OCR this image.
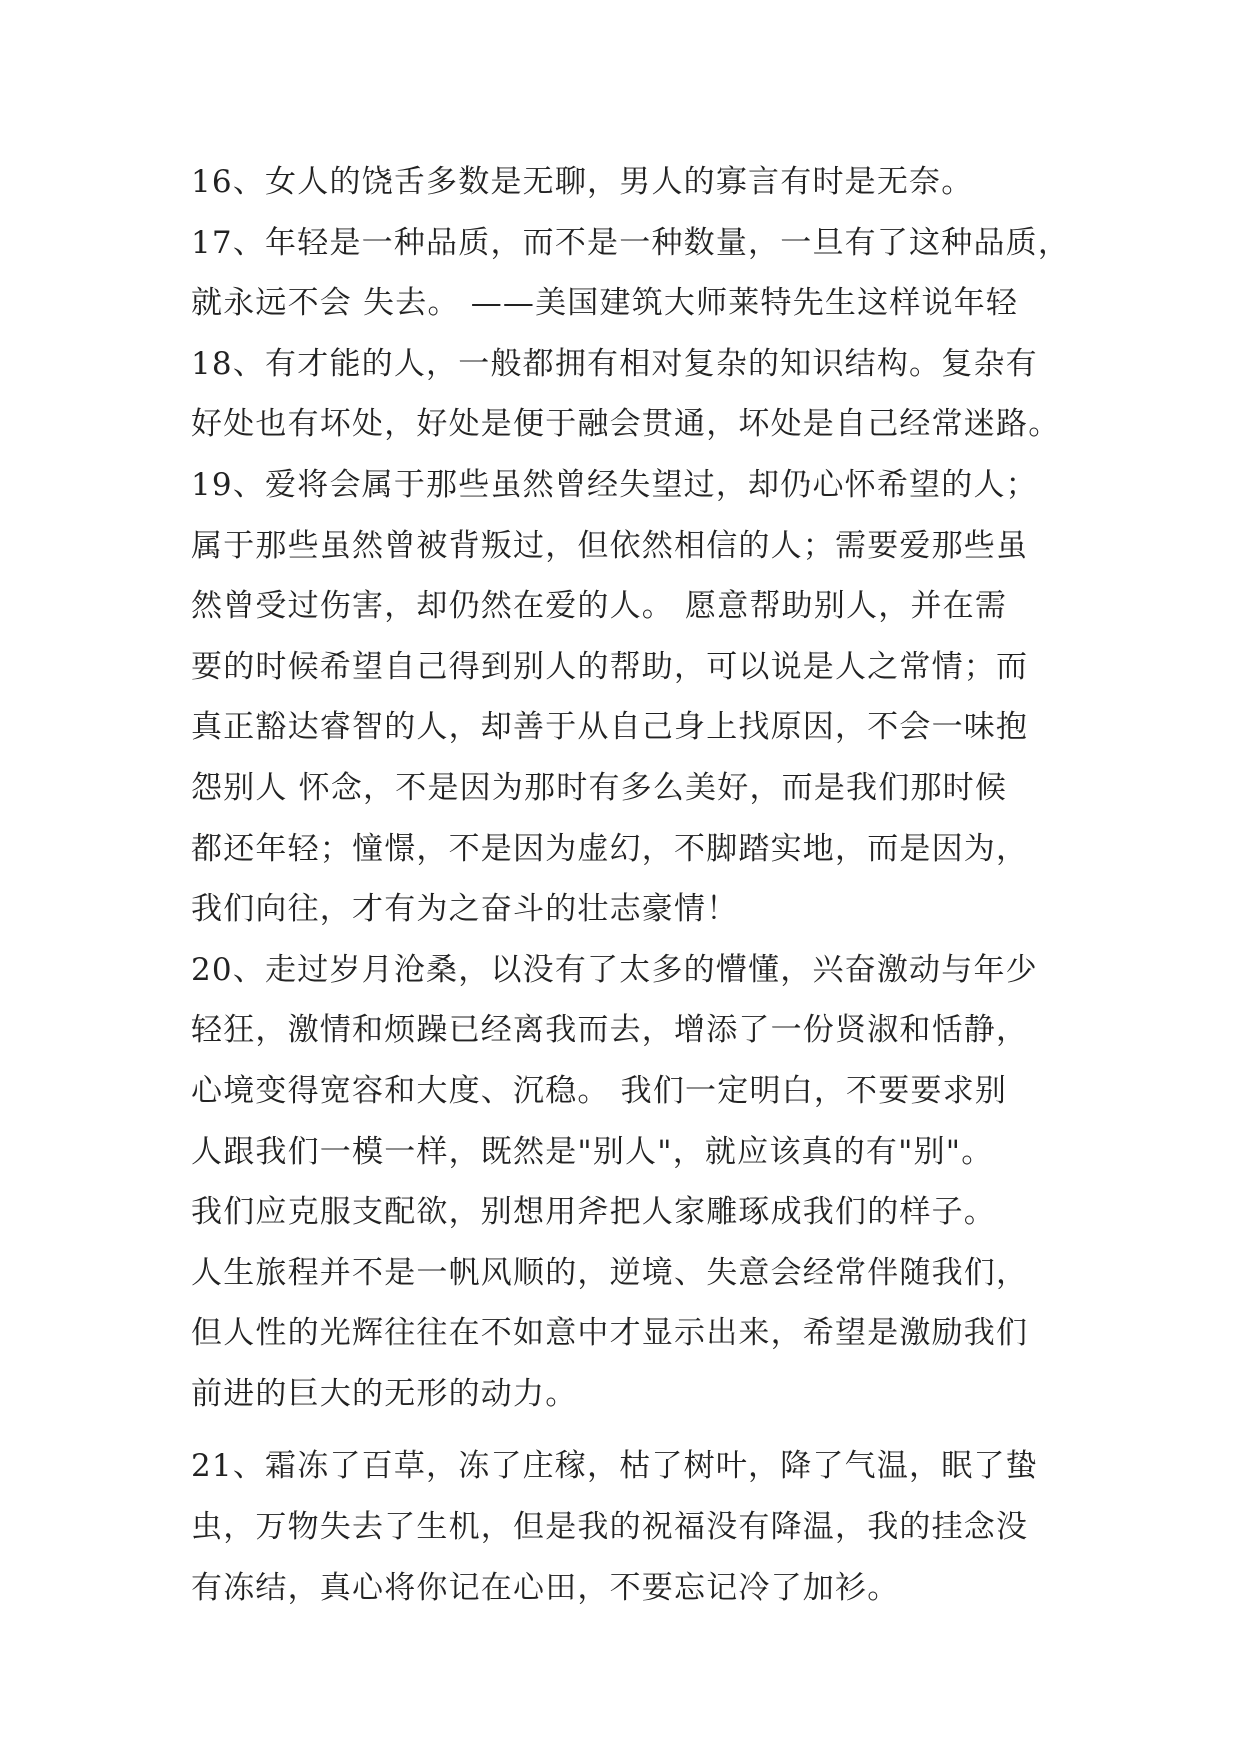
16、女人的饶舌多数是无聊，男人的寡言有时是无奈。
17、年轻是一种品质，而不是一种数量，一旦有了这种品质，
就永远不会 失去。 ——美国建筑大师莱特先生这样说年轻
18、有才能的人，一般都拥有相对复杂的知识结构。复杂有
好处也有坏处，好处是便于融会贯通，坏处是自己经常迷路。
19、爱将会属于那些虽然曾经失望过，却仍心怀希望的人；
属于那些虽然曾被背叛过，但依然相信的人；需要爱那些虽
然曾受过伤害，却仍然在爱的人。 愿意帮助别人，并在需
要的时候希望自己得到别人的帮助，可以说是人之常情；而
真正豁达睿智的人，却善于从自己身上找原因，不会一味抱
怨别人 怀念，不是因为那时有多么美好，而是我们那时候
都还年轻；憧憬，不是因为虚幻，不脚踏实地，而是因为，
我们向往，才有为之奋斗的壮志豪情！
20、走过岁月沧桑，以没有了太多的懵懂，兴奋激动与年少
轻狂，激情和烦躁已经离我而去，增添了一份贤淑和恬静，
心境变得宽容和大度、沉稳。 我们一定明白，不要要求别
人跟我们一模一样，既然是"别人"，就应该真的有"别"。
我们应克服支配欲，别想用斧把人家雕琢成我们的样子。
人生旅程并不是一帆风顺的，逆境、失意会经常伴随我们，
但人性的光辉往往在不如意中才显示出来，希望是激励我们
前进的巨大的无形的动力。
21、霜冻了百草，冻了庄稼，枯了树叶，降了气温，眠了蛰
虫，万物失去了生机，但是我的祝福没有降温，我的挂念没
有冻结，真心将你记在心田，不要忘记冷了加衫。
